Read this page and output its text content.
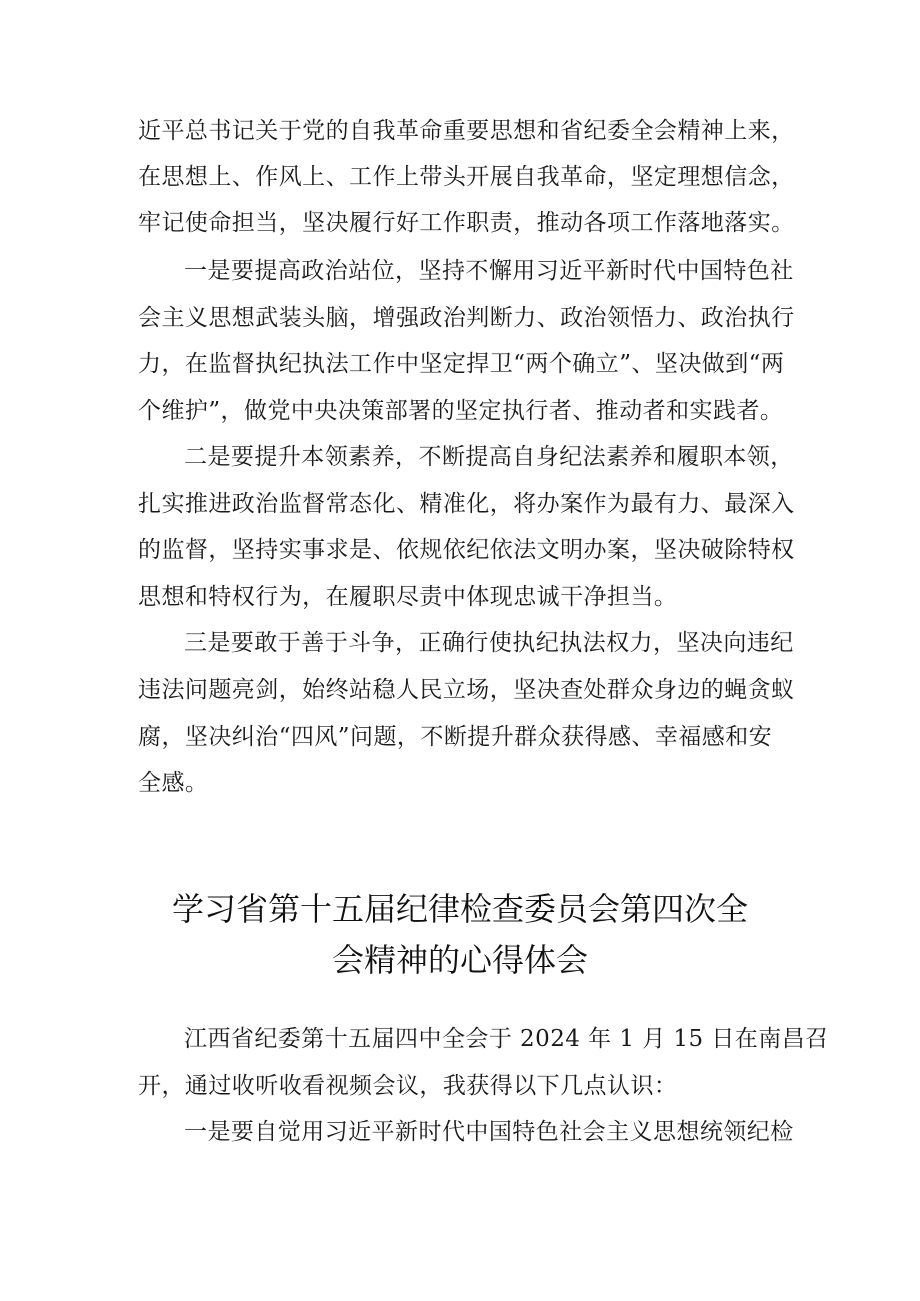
近平总书记关于党的自我革命重要思想和省纪委全会精神上来，
在思想上、作风上、工作上带头开展自我革命，坚定理想信念，
牢记使命担当，坚决履行好工作职责，推动各项工作落地落实。
一是要提高政治站位，坚持不懈用习近平新时代中国特色社
会主义思想武装头脑，增强政治判断力、政治领悟力、政治执行
力，在监督执纪执法工作中坚定捍卫“两个确立”、坚决做到“两
个维护”，做党中央决策部署的坚定执行者、推动者和实践者。
二是要提升本领素养，不断提高自身纪法素养和履职本领，
扎实推进政治监督常态化、精准化，将办案作为最有力、最深入
的监督，坚持实事求是、依规依纪依法文明办案，坚决破除特权
思想和特权行为，在履职尽责中体现忠诚干净担当。
三是要敢于善于斗争，正确行使执纪执法权力，坚决向违纪
违法问题亮剑，始终站稳人民立场，坚决查处群众身边的蝇贪蚁
腐，坚决纠治“四风”问题，不断提升群众获得感、幸福感和安
全感。
学习省第十五届纪律检查委员会第四次全
会精神的心得体会
江西省纪委第十五届四中全会于 2024 年 1 月 15 日在南昌召
开，通过收听收看视频会议，我获得以下几点认识：
一是要自觉用习近平新时代中国特色社会主义思想统领纪检
